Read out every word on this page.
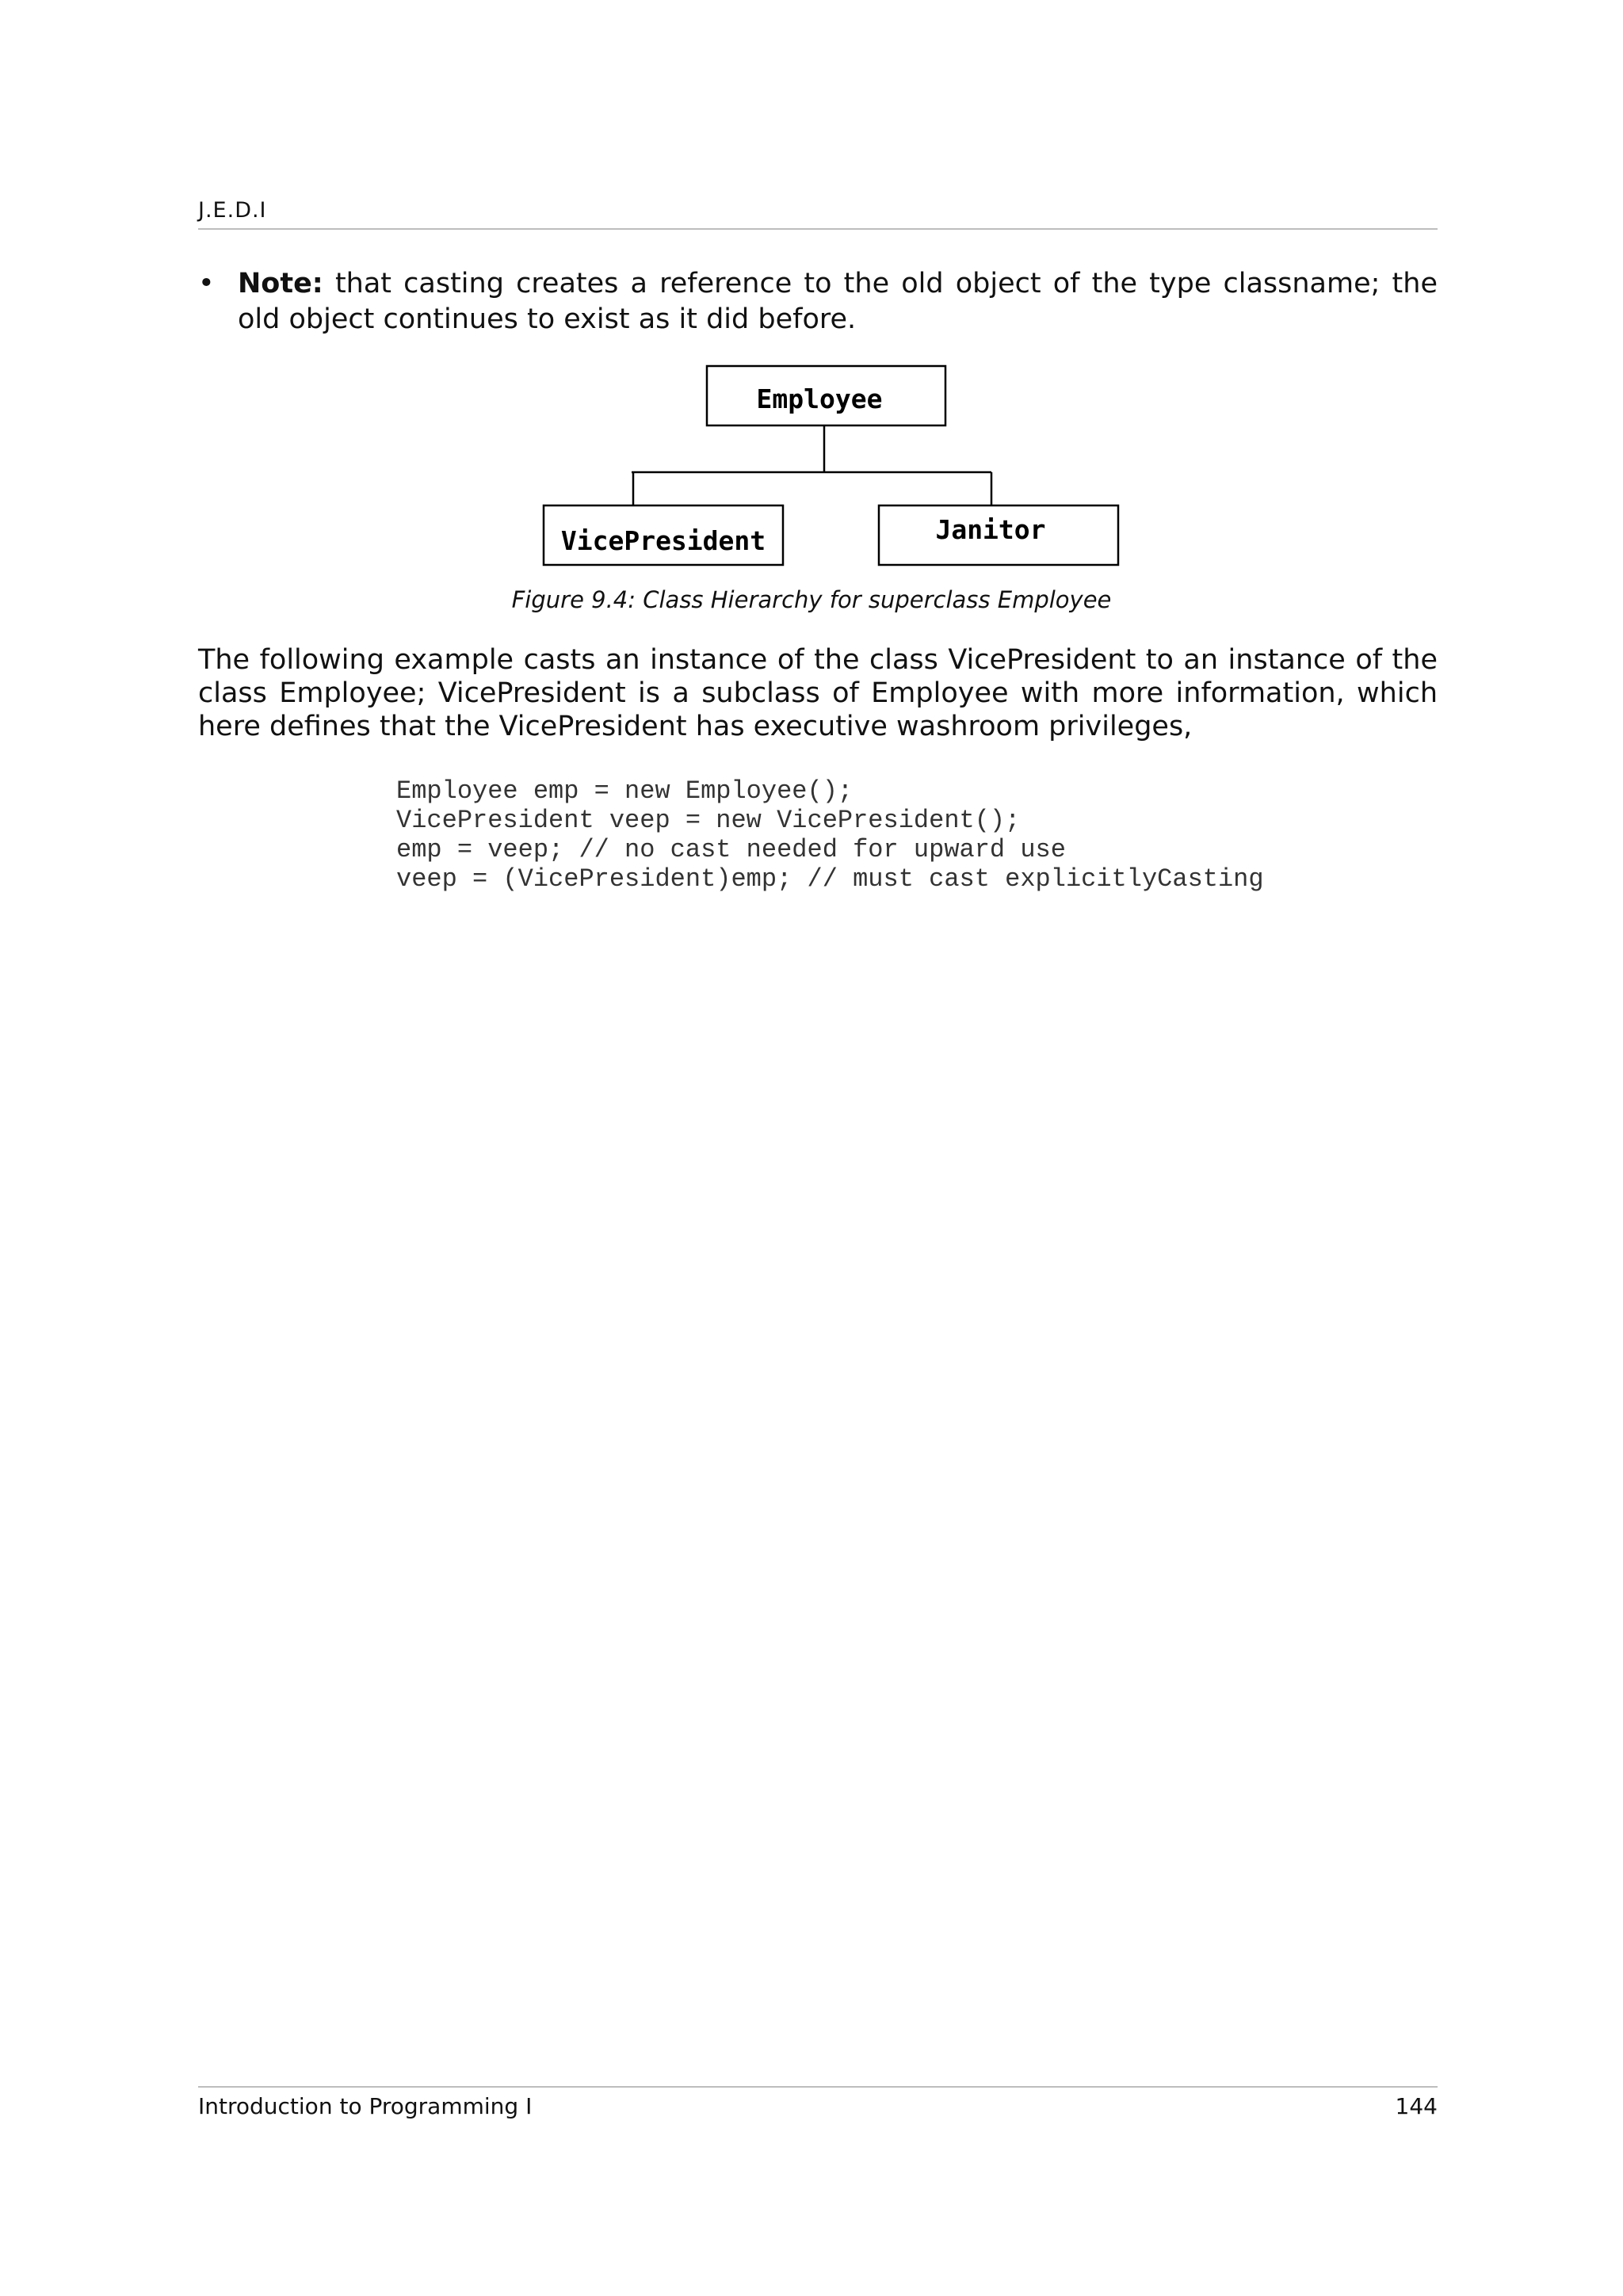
J.E.D.I
• Note: that casting creates a reference to the old object of the type classname; the old object continues to exist as it did before.
Employee
VicePresident	Janitor
Figure 9.4: Class Hierarchy for superclass Employee
The following example casts an instance of the class VicePresident to an instance of the class Employee; VicePresident is a subclass of Employee with more information, which here defines that the VicePresident has executive washroom privileges,
Employee emp = new Employee();
VicePresident veep = new VicePresident();
emp = veep; // no cast needed for upward use
veep = (VicePresident)emp; // must cast explicitlyCasting
Introduction to Programming I	144
